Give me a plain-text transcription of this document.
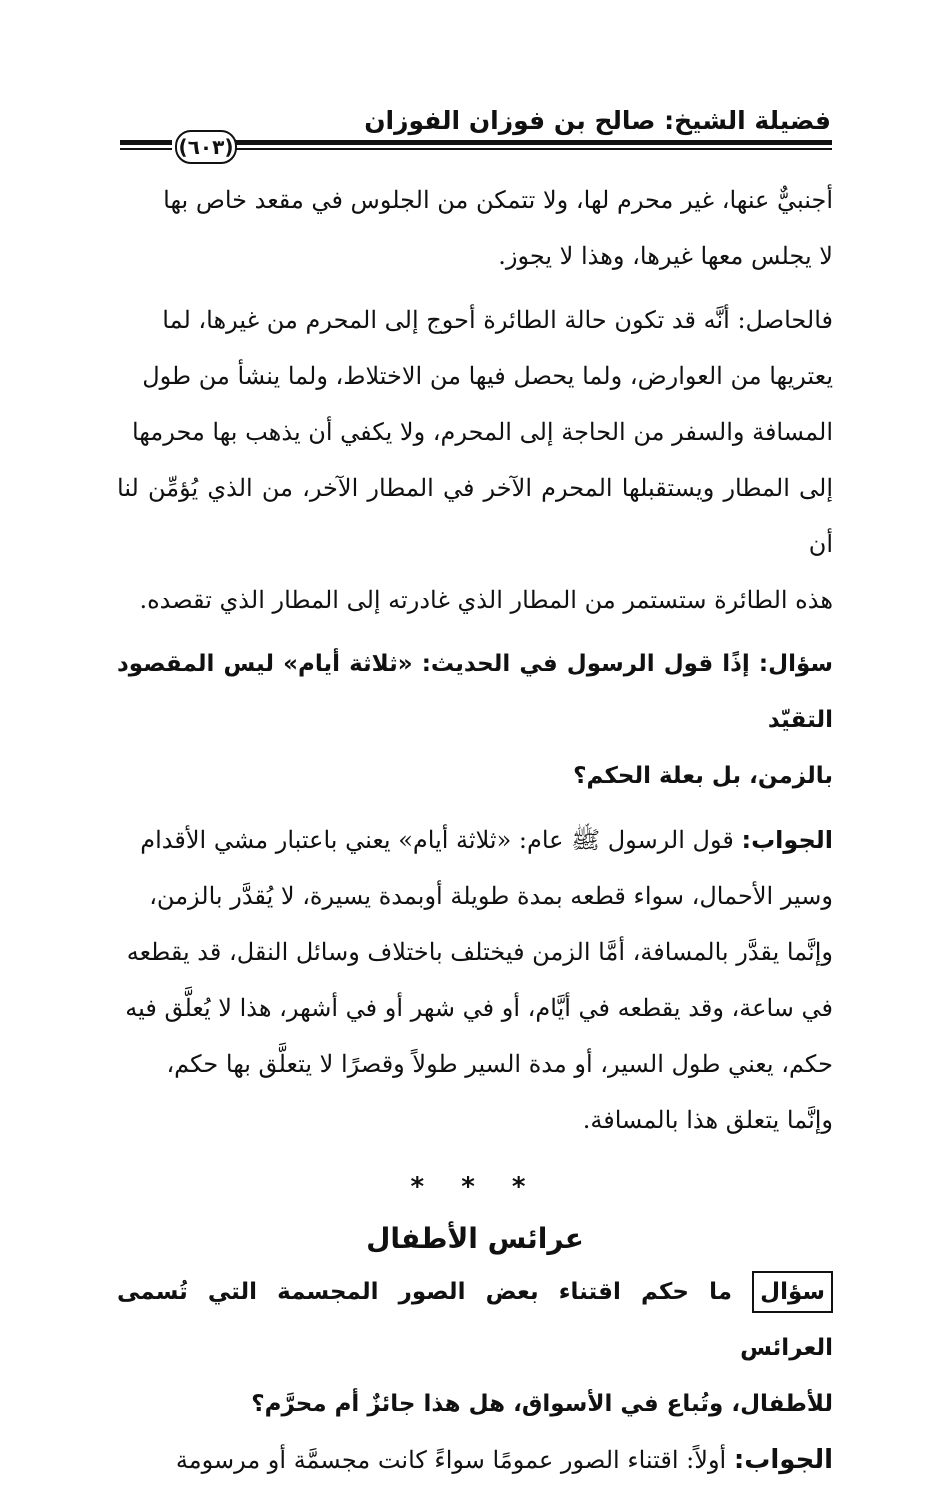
فضيلة الشيخ: صالح بن فوزان الفوزان
(٦٠٣)

أجنبيٌّ عنها، غير محرم لها، ولا تتمكن من الجلوس في مقعد خاص بها
لا يجلس معها غيرها، وهذا لا يجوز.

فالحاصل: أنَّه قد تكون حالة الطائرة أحوج إلى المحرم من غيرها، لما
يعتريها من العوارض، ولما يحصل فيها من الاختلاط، ولما ينشأ من طول
المسافة والسفر من الحاجة إلى المحرم، ولا يكفي أن يذهب بها محرمها
إلى المطار ويستقبلها المحرم الآخر في المطار الآخر، من الذي يُؤمِّن لنا أن
هذه الطائرة ستستمر من المطار الذي غادرته إلى المطار الذي تقصده.

سؤال: إذًا قول الرسول في الحديث: «ثلاثة أيام» ليس المقصود التقيّد
بالزمن، بل بعلة الحكم؟

الجواب: قول الرسول ﷺ عام: «ثلاثة أيام» يعني باعتبار مشي الأقدام
وسير الأحمال، سواء قطعه بمدة طويلة أوبمدة يسيرة، لا يُقدَّر بالزمن،
وإنَّما يقدَّر بالمسافة، أمَّا الزمن فيختلف باختلاف وسائل النقل، قد يقطعه
في ساعة، وقد يقطعه في أيَّام، أو في شهر أو في أشهر، هذا لا يُعلَّق فيه
حكم، يعني طول السير، أو مدة السير طولاً وقصرًا لا يتعلَّق بها حكم،
وإنَّما يتعلق هذا بالمسافة.

* * *
عرائس الأطفال

سؤال ما حكم اقتناء بعض الصور المجسمة التي تُسمى العرائس
للأطفال، وتُباع في الأسواق، هل هذا جائزٌ أم محرَّم؟

الجواب: أولاً: اقتناء الصور عمومًا سواءً كانت مجسمَّة أو مرسومة
